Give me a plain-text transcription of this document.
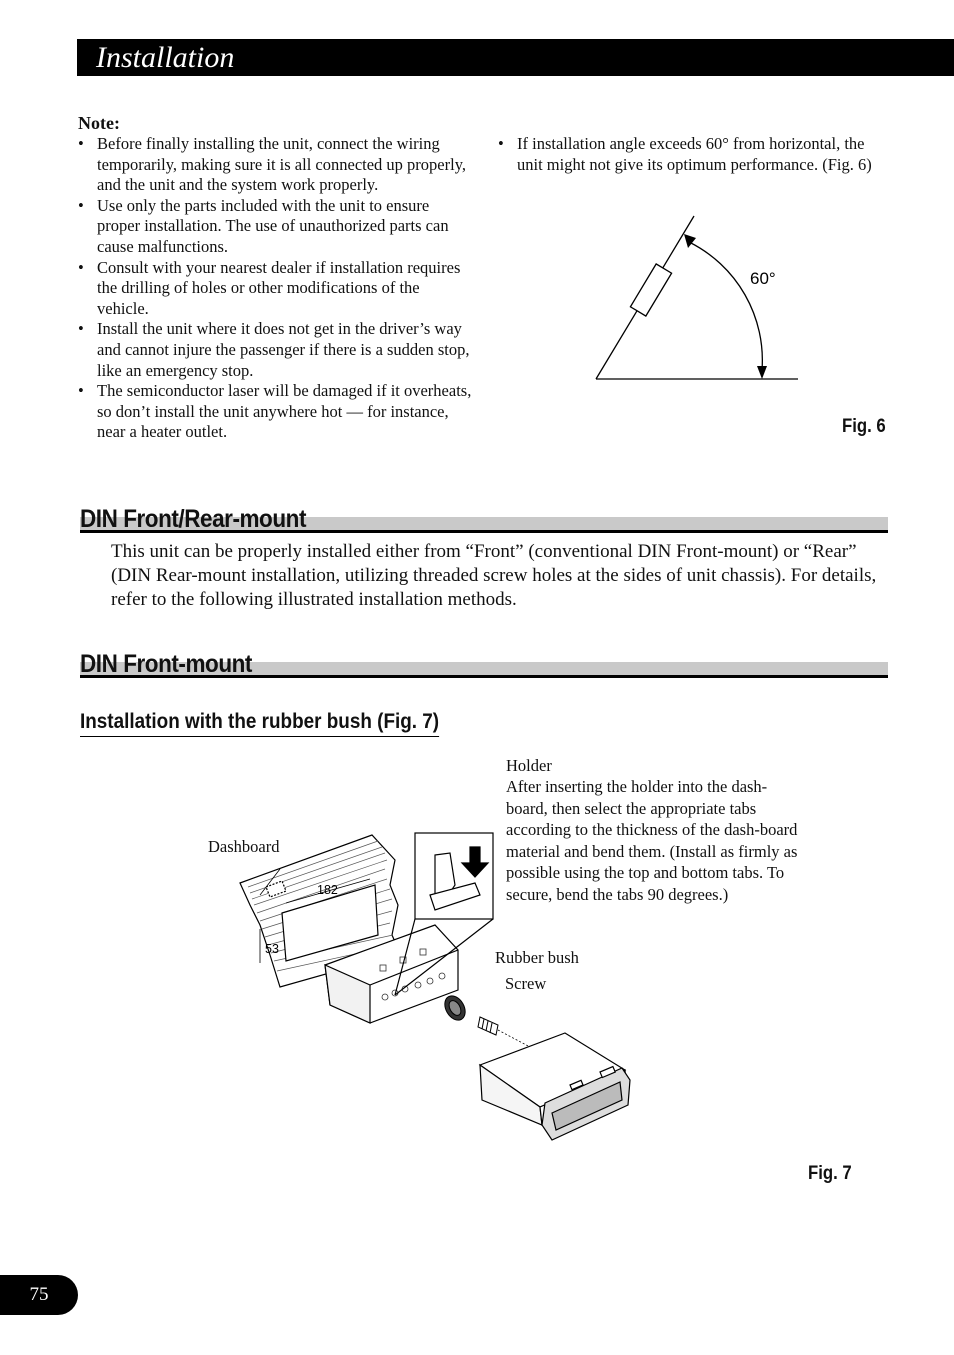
Installation
Note:
• Before finally installing the unit, connect the wiring temporarily, making sure it is all connected up properly, and the unit and the system work properly.
• Use only the parts included with the unit to ensure proper installation. The use of unauthorized parts can cause malfunctions.
• Consult with your nearest dealer if installation requires the drilling of holes or other modifications of the vehicle.
• Install the unit where it does not get in the driver’s way and cannot injure the passenger if there is a sudden stop, like an emergency stop.
• The semiconductor laser will be damaged if it overheats, so don’t install the unit anywhere hot — for instance, near a heater outlet.
• If installation angle exceeds 60° from horizontal, the unit might not give its optimum performance. (Fig. 6)
60°
Fig. 6
DIN Front/Rear-mount
This unit can be properly installed either from “Front” (conventional DIN Front-mount) or “Rear” (DIN Rear-mount installation, utilizing threaded screw holes at the sides of unit chassis). For details, refer to the following illustrated installation methods.
DIN Front-mount
Installation with the rubber bush (Fig. 7)
Holder
After inserting the holder into the dash-board, then select the appropriate tabs according to the thickness of the dash-board material and bend them. (Install as firmly as possible using the top and bottom tabs. To secure, bend the tabs 90 degrees.)
Dashboard
Rubber bush
Screw
182
53
Fig. 7
75
